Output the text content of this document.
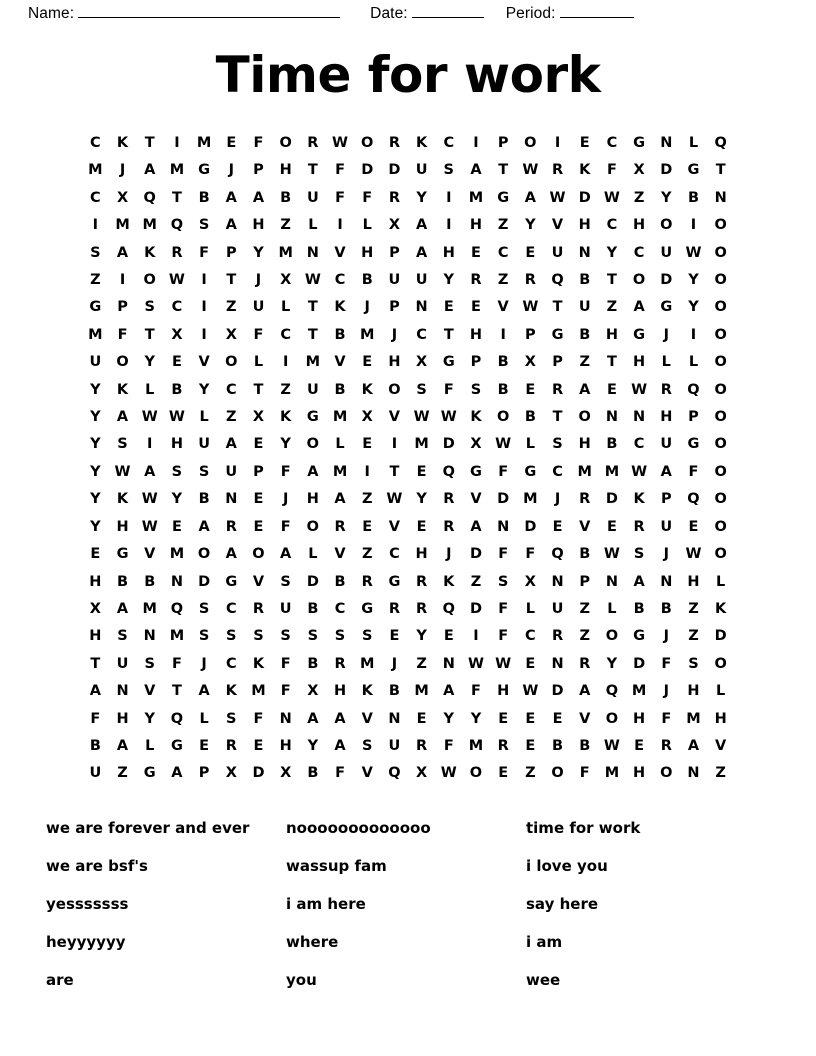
Name:	Date:	Period:
Time for work
C	K	T	I	M	E	F	O	R	W	O	R	K	C	I	P	O	I	E	C	G	N	L	Q
M	J	A	M	G	J	P	H	T	F	D	D	U	S	A	T	W	R	K	F	X	D	G	T
C	X	Q	T	B	A	A	B	U	F	F	R	Y	I	M	G	A	W	D	W	Z	Y	B	N
I	M	M	Q	S	A	H	Z	L	I	L	X	A	I	H	Z	Y	V	H	C	H	O	I	O
S	A	K	R	F	P	Y	M	N	V	H	P	A	H	E	C	E	U	N	Y	C	U	W	O
Z	I	O	W	I	T	J	X	W	C	B	U	U	Y	R	Z	R	Q	B	T	O	D	Y	O
G	P	S	C	I	Z	U	L	T	K	J	P	N	E	E	V	W	T	U	Z	A	G	Y	O
M	F	T	X	I	X	F	C	T	B	M	J	C	T	H	I	P	G	B	H	G	J	I	O
U	O	Y	E	V	O	L	I	M	V	E	H	X	G	P	B	X	P	Z	T	H	L	L	O
Y	K	L	B	Y	C	T	Z	U	B	K	O	S	F	S	B	E	R	A	E	W	R	Q	O
Y	A	W	W	L	Z	X	K	G	M	X	V	W	W	K	O	B	T	O	N	N	H	P	O
Y	S	I	H	U	A	E	Y	O	L	E	I	M	D	X	W	L	S	H	B	C	U	G	O
Y	W	A	S	S	U	P	F	A	M	I	T	E	Q	G	F	G	C	M	M	W	A	F	O
Y	K	W	Y	B	N	E	J	H	A	Z	W	Y	R	V	D	M	J	R	D	K	P	Q	O
Y	H	W	E	A	R	E	F	O	R	E	V	E	R	A	N	D	E	V	E	R	U	E	O
E	G	V	M	O	A	O	A	L	V	Z	C	H	J	D	F	F	Q	B	W	S	J	W	O
H	B	B	N	D	G	V	S	D	B	R	G	R	K	Z	S	X	N	P	N	A	N	H	L
X	A	M	Q	S	C	R	U	B	C	G	R	R	Q	D	F	L	U	Z	L	B	B	Z	K
H	S	N	M	S	S	S	S	S	S	S	E	Y	E	I	F	C	R	Z	O	G	J	Z	D
T	U	S	F	J	C	K	F	B	R	M	J	Z	N	W	W	E	N	R	Y	D	F	S	O
A	N	V	T	A	K	M	F	X	H	K	B	M	A	F	H	W	D	A	Q	M	J	H	L
F	H	Y	Q	L	S	F	N	A	A	V	N	E	Y	Y	E	E	E	V	O	H	F	M	H
B	A	L	G	E	R	E	H	Y	A	S	U	R	F	M	R	E	B	B	W	E	R	A	V
U	Z	G	A	P	X	D	X	B	F	V	Q	X	W	O	E	Z	O	F	M	H	O	N	Z
we are forever and ever	nooooooooooooo	time for work
we are bsf's	wassup fam	i love you
yesssssss	i am here	say here
heyyyyyy	where	i am
are	you	wee
